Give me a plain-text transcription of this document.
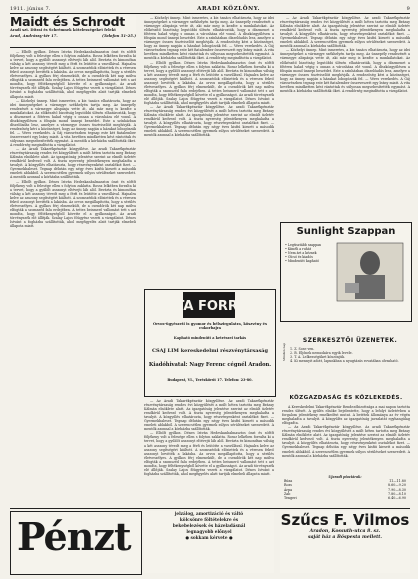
1911. június 7.	ARADI KÖZLÖNY.	9
Maidt és Schrodt
Aradi szt. Ditrai és Schrémnek kötelességeket felekt
Arad, Andrássy-tér 17.	(Telefon 51-25.)

— Elbőlt gyilkos. Dénes István Hedeskanbalmasztos önst és sófélt följékeny volt a felesége ellen s folyton zaklatta. Rossz lelkében forralta ki a tervet, hogy a gyűlölt asszonyt eltévejti láb alól. Bevárta és kimondtan válság a két asszony tévedt meg a férfi és leütötte a vasvillával. Hajnalra kelve az asszony segítségért kiáltott. A szomszédok elősiettek és a véresen fekvő asszonyt bevitték a lakásba. Az orvos megállapította, hogy a sérülés életveszélyes. A gyilkos férj elmenekült, de a csendőrök két nap múlva elfogták a szomszéd falu erdejében. A tettes beismerő vallomást tett s azt mondta, hogy féltékenységből követte el a gyilkosságot. Az aradi törvényszék elé állítják. Szalay Lajos főügyész vezeti a vizsgálatot. Dénes Istvánt a fogházba szállították, ahol megfigyelés alatt tartják elmebeli állapota miatt.

— Közhelyi ünnep. Mint ismeretes, a kir. tanács elhatározta, hogy az idei ünnepségeket a vármegye székhelyén tartja meg. Az ünnepély rendezését a vármegye alispánja vette át, aki már meg is kezdte a munkálatokat. Az előkészítő bizottság legutóbbi ülésén elhatározták, hogy a díszmenet a főtéren halad végig s onnan a városháza elé vonul. A díszközgyűlésen a főispán mond ünnepi beszédet. Este a színházban díszelőadás lesz, amelyre a vármegye összes tisztviselőit meghívják. A rendezőség kéri a közönséget, hogy az ünnep napján a házakat lobogózzák fel. — Véres verekedés. A Gáj városrészben tegnap este két fiatalember összeveszett egy leány miatt. A vita hevében mindketten kést rántottak és súlyosan megsebesítették egymást. A mentők a kórházba szállították őket. A rendőrség megindította a vizsgálatot.

— Az Aradi Takarékpénztár közgyűlése. Az aradi Takarékpénztár részvénytársaság rendes évi közgyűlését a múlt héten tartotta meg Brázay Kálmán elnöklete alatt. Az igazgatóság jelentése szerint az elmúlt üzletév rendkívül kedvező volt. A tiszta nyereség jelentékenyen meghaladta a tavalyit. A közgyűlés elhatározta, hogy részvényenként osztalékot fizet. — Gyermekbaleset. Tegnap délután egy négy éves kisfiú kiesett a második emeleti ablakból. A szerencsétlen gyermek súlyos sérüléseket szenvedett. A mentők azonnal a kórházba szállították.

— Elbőlt gyilkos. Dénes István Hedeskanbalmasztos önst és sófélt följékeny volt a felesége ellen s folyton zaklatta. Rossz lelkében forralta ki a tervet, hogy a gyűlölt asszonyt eltévejti láb alól. Bevárta és kimondtan válság a két asszony tévedt meg a férfi és leütötte a vasvillával. Hajnalra kelve az asszony segítségért kiáltott. A szomszédok elősiettek és a véresen fekvő asszonyt bevitték a lakásba. Az orvos megállapította, hogy a sérülés életveszélyes. A gyilkos férj elmenekült, de a csendőrök két nap múlva elfogták a szomszéd falu erdejében. A tettes beismerő vallomást tett s azt mondta, hogy féltékenységből követte el a gyilkosságot. Az aradi törvényszék elé állítják. Szalay Lajos főügyész vezeti a vizsgálatot. Dénes Istvánt a fogházba szállították, ahol megfigyelés alatt tartják elmebeli állapota miatt.

— Közhelyi ünnep. Mint ismeretes, a kir. tanács elhatározta, hogy az idei ünnepségeket a vármegye székhelyén tartja meg. Az ünnepély rendezését a vármegye alispánja vette át, aki már meg is kezdte a munkálatokat. Az előkészítő bizottság legutóbbi ülésén elhatározták, hogy a díszmenet a főtéren halad végig s onnan a városháza elé vonul. A díszközgyűlésen a főispán mond ünnepi beszédet. Este a színházban díszelőadás lesz, amelyre a vármegye összes tisztviselőit meghívják. A rendezőség kéri a közönséget, hogy az ünnep napján a házakat lobogózzák fel. — Véres verekedés. A Gáj városrészben tegnap este két fiatalember összeveszett egy leány miatt. A vita hevében mindketten kést rántottak és súlyosan megsebesítették egymást. A mentők a kórházba szállították őket. A rendőrség megindította a vizsgálatot.

— Elbőlt gyilkos. Dénes István Hedeskanbalmasztos önst és sófélt följékeny volt a felesége ellen s folyton zaklatta. Rossz lelkében forralta ki a tervet, hogy a gyűlölt asszonyt eltévejti láb alól. Bevárta és kimondtan válság a két asszony tévedt meg a férfi és leütötte a vasvillával. Hajnalra kelve az asszony segítségért kiáltott. A szomszédok elősiettek és a véresen fekvő asszonyt bevitték a lakásba. Az orvos megállapította, hogy a sérülés életveszélyes. A gyilkos férj elmenekült, de a csendőrök két nap múlva elfogták a szomszéd falu erdejében. A tettes beismerő vallomást tett s azt mondta, hogy féltékenységből követte el a gyilkosságot. Az aradi törvényszék elé állítják. Szalay Lajos főügyész vezeti a vizsgálatot. Dénes Istvánt a fogházba szállították, ahol megfigyelés alatt tartják elmebeli állapota miatt.

— Az Aradi Takarékpénztár közgyűlése. Az aradi Takarékpénztár részvénytársaság rendes évi közgyűlését a múlt héten tartotta meg Brázay Kálmán elnöklete alatt. Az igazgatóság jelentése szerint az elmúlt üzletév rendkívül kedvező volt. A tiszta nyereség jelentékenyen meghaladta a tavalyit. A közgyűlés elhatározta, hogy részvényenként osztalékot fizet. — Gyermekbaleset. Tegnap délután egy négy éves kisfiú kiesett a második emeleti ablakból. A szerencsétlen gyermek súlyos sérüléseket szenvedett. A mentők azonnal a kórházba szállították.

VITA FORRÁS
Orvos-ügyészeti is gyomor és bélszirgulatra, köszvény és cukorbajra
Kapható mindenütt a ketrészei tarkás
CSAJ LIM kereskedelmi részvénytársaság
Kiadóhivatal: Nagy Ferenc cégnél Aradon.
Budapest, VI., Terézkörút 17. Telefon: 23-80.

— Az Aradi Takarékpénztár közgyűlése. Az aradi Takarékpénztár részvénytársaság rendes évi közgyűlését a múlt héten tartotta meg Brázay Kálmán elnöklete alatt. Az igazgatóság jelentése szerint az elmúlt üzletév rendkívül kedvező volt. A tiszta nyereség jelentékenyen meghaladta a tavalyit. A közgyűlés elhatározta, hogy részvényenként osztalékot fizet. — Gyermekbaleset. Tegnap délután egy négy éves kisfiú kiesett a második emeleti ablakból. A szerencsétlen gyermek súlyos sérüléseket szenvedett. A mentők azonnal a kórházba szállították.

— Elbőlt gyilkos. Dénes István Hedeskanbalmasztos önst és sófélt följékeny volt a felesége ellen s folyton zaklatta. Rossz lelkében forralta ki a tervet, hogy a gyűlölt asszonyt eltévejti láb alól. Bevárta és kimondtan válság a két asszony tévedt meg a férfi és leütötte a vasvillával. Hajnalra kelve az asszony segítségért kiáltott. A szomszédok elősiettek és a véresen fekvő asszonyt bevitték a lakásba. Az orvos megállapította, hogy a sérülés életveszélyes. A gyilkos férj elmenekült, de a csendőrök két nap múlva elfogták a szomszéd falu erdejében. A tettes beismerő vallomást tett s azt mondta, hogy féltékenységből követte el a gyilkosságot. Az aradi törvényszék elé állítják. Szalay Lajos főügyész vezeti a vizsgálatot. Dénes Istvánt a fogházba szállították, ahol megfigyelés alatt tartják elmebeli állapota miatt.

— Az Aradi Takarékpénztár közgyűlése. Az aradi Takarékpénztár részvénytársaság rendes évi közgyűlését a múlt héten tartotta meg Brázay Kálmán elnöklete alatt. Az igazgatóság jelentése szerint az elmúlt üzletév rendkívül kedvező volt. A tiszta nyereség jelentékenyen meghaladta a tavalyit. A közgyűlés elhatározta, hogy részvényenként osztalékot fizet. — Gyermekbaleset. Tegnap délután egy négy éves kisfiú kiesett a második emeleti ablakból. A szerencsétlen gyermek súlyos sérüléseket szenvedett. A mentők azonnal a kórházba szállították.

— Közhelyi ünnep. Mint ismeretes, a kir. tanács elhatározta, hogy az idei ünnepségeket a vármegye székhelyén tartja meg. Az ünnepély rendezését a vármegye alispánja vette át, aki már meg is kezdte a munkálatokat. Az előkészítő bizottság legutóbbi ülésén elhatározták, hogy a díszmenet a főtéren halad végig s onnan a városháza elé vonul. A díszközgyűlésen a főispán mond ünnepi beszédet. Este a színházban díszelőadás lesz, amelyre a vármegye összes tisztviselőit meghívják. A rendezőség kéri a közönséget, hogy az ünnep napján a házakat lobogózzák fel. — Véres verekedés. A Gáj városrészben tegnap este két fiatalember összeveszett egy leány miatt. A vita hevében mindketten kést rántottak és súlyosan megsebesítették egymást. A mentők a kórházba szállították őket. A rendőrség megindította a vizsgálatot.

Sunlight Szappan
• Legtisztább szappan
• Kíméli a ruhát
• Nem árt a kéznek
• Olcsó és kiadós
• Mindenütt kapható
Minden nap
SZERKESZTŐI ÜZENETEK.
1. Z. Sose ven.
2. B. Eljőnek nemsokára egyik levele.
3. T. A. Lelkességüket köszönjük.
4. Ki mennyit adott, lapunkban a nyugtázás rovatában olvasható.
KÖZGAZDASÁG ÉS KÖZLEKEDÉS.

A Kereskedelmi Takarékpénztár Rendezőbizottsága a mai napon tartotta rendes ülését. A gyűlés elnöke bejelentette, hogy a lefolyt üzletévben a forgalom jelentékeny emelkedést mutat. A betétek állománya az év végén meghaladta a tavalyit. A közgyűlés az igazgatóság javaslatát egyhangúlag elfogadta.

— Az Aradi Takarékpénztár közgyűlése. Az aradi Takarékpénztár részvénytársaság rendes évi közgyűlését a múlt héten tartotta meg Brázay Kálmán elnöklete alatt. Az igazgatóság jelentése szerint az elmúlt üzletév rendkívül kedvező volt. A tiszta nyereség jelentékenyen meghaladta a tavalyit. A közgyűlés elhatározta, hogy részvényenként osztalékot fizet. — Gyermekbaleset. Tegnap délután egy négy éves kisfiú kiesett a második emeleti ablakból. A szerencsétlen gyermek súlyos sérüléseket szenvedett. A mentők azonnal a kórházba szállították.

Ujaradi piaciárak:
Búza	11—11.80
Rozs	8.60—9.20
Árpa	7.90—8.30
Zab	7.80—8.10
Tengeri	6.40—6.90
Pénzt

jelzálog, amortizáció és váltó

kölcsönre föltételekre és

bekebelezések és házeladásnál

legnagyobb előnyel

● sokkam kérvete ●

Szűcs F. Vilmos

Aradon, Kossuth-utca 8. sz.

saját ház a Böspesta mellett.
